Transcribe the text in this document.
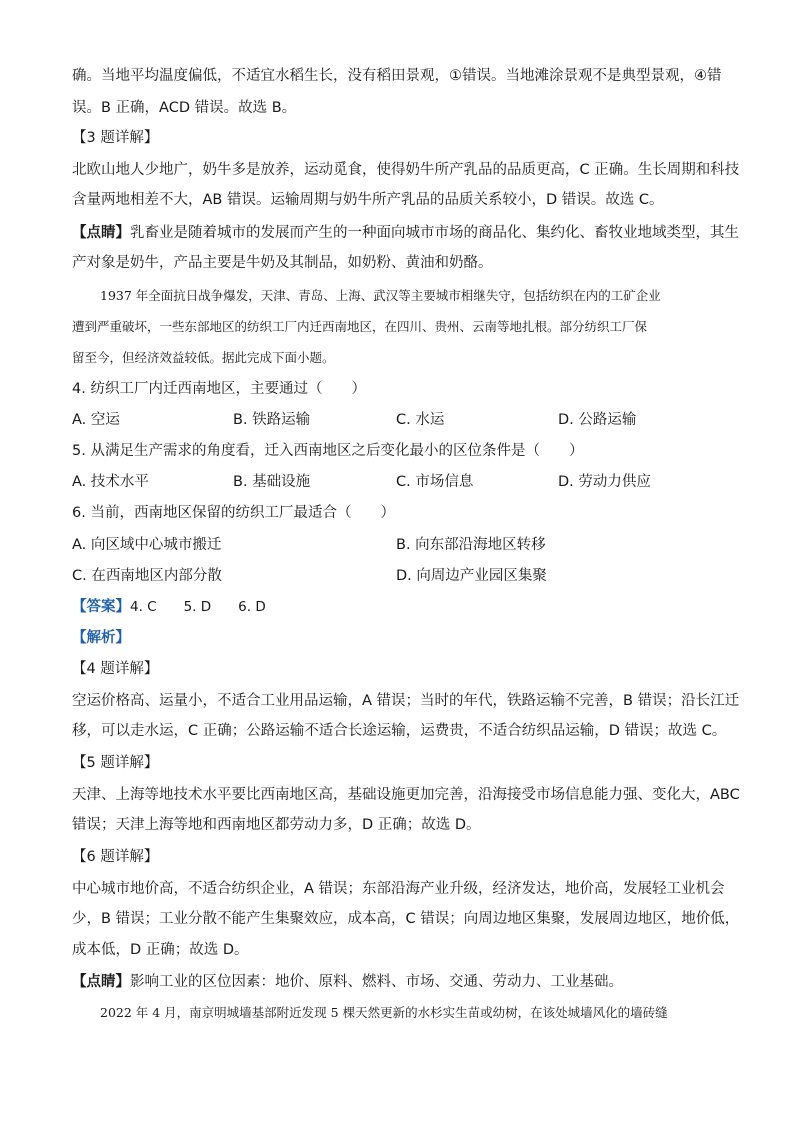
确。当地平均温度偏低，不适宜水稻生长，没有稻田景观，①错误。当地滩涂景观不是典型景观，④错
误。B 正确，ACD 错误。故选 B。
【3 题详解】
北欧山地人少地广，奶牛多是放养，运动觅食，使得奶牛所产乳品的品质更高，C 正确。生长周期和科技
含量两地相差不大，AB 错误。运输周期与奶牛所产乳品的品质关系较小，D 错误。故选 C。
【点睛】乳畜业是随着城市的发展而产生的一种面向城市市场的商品化、集约化、畜牧业地域类型，其生
产对象是奶牛，产品主要是牛奶及其制品，如奶粉、黄油和奶酪。
1937 年全面抗日战争爆发，天津、青岛、上海、武汉等主要城市相继失守，包括纺织在内的工矿企业
遭到严重破坏，一些东部地区的纺织工厂内迁西南地区，在四川、贵州、云南等地扎根。部分纺织工厂保
留至今，但经济效益较低。据此完成下面小题。
4. 纺织工厂内迁西南地区，主要通过（　　）
A. 空运	B. 铁路运输	C. 水运	D. 公路运输
5. 从满足生产需求的角度看，迁入西南地区之后变化最小的区位条件是（　　）
A. 技术水平	B. 基础设施	C. 市场信息	D. 劳动力供应
6. 当前，西南地区保留的纺织工厂最适合（　　）
A. 向区域中心城市搬迁	B. 向东部沿海地区转移
C. 在西南地区内部分散	D. 向周边产业园区集聚
【答案】4. C　　5. D　　6. D
【解析】
【4 题详解】
空运价格高、运量小，不适合工业用品运输，A 错误；当时的年代，铁路运输不完善，B 错误；沿长江迁
移，可以走水运，C 正确；公路运输不适合长途运输，运费贵，不适合纺织品运输，D 错误；故选 C。
【5 题详解】
天津、上海等地技术水平要比西南地区高，基础设施更加完善，沿海接受市场信息能力强、变化大，ABC
错误；天津上海等地和西南地区都劳动力多，D 正确；故选 D。
【6 题详解】
中心城市地价高，不适合纺织企业，A 错误；东部沿海产业升级，经济发达，地价高，发展轻工业机会
少，B 错误；工业分散不能产生集聚效应，成本高，C 错误；向周边地区集聚，发展周边地区，地价低，
成本低，D 正确；故选 D。
【点睛】影响工业的区位因素：地价、原料、燃料、市场、交通、劳动力、工业基础。
2022 年 4 月，南京明城墙基部附近发现 5 棵天然更新的水杉实生苗或幼树，在该处城墙风化的墙砖缝
